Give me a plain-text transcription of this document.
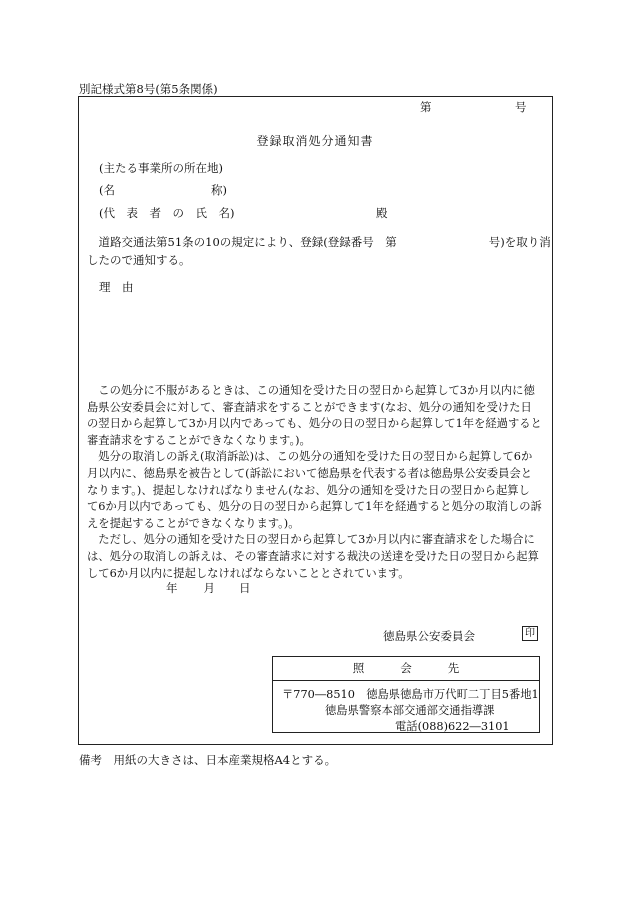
別記様式第8号(第5条関係)
第	号
登録取消処分通知書
(主たる事業所の所在地)
(名	称)
(代　表　者　の　氏　名)	殿
　道路交通法第51条の10の規定により、登録(登録番号　第　　　　　　　　号)を取り消
したので通知する。
理　由
　この処分に不服があるときは、この通知を受けた日の翌日から起算して3か月以内に徳
島県公安委員会に対して、審査請求をすることができます(なお、処分の通知を受けた日
の翌日から起算して3か月以内であっても、処分の日の翌日から起算して1年を経過すると
審査請求をすることができなくなります。)。
　処分の取消しの訴え(取消訴訟)は、この処分の通知を受けた日の翌日から起算して6か
月以内に、徳島県を被告として(訴訟において徳島県を代表する者は徳島県公安委員会と
なります。)、提起しなければなりません(なお、処分の通知を受けた日の翌日から起算し
て6か月以内であっても、処分の日の翌日から起算して1年を経過すると処分の取消しの訴
えを提起することができなくなります。)。
　ただし、処分の通知を受けた日の翌日から起算して3か月以内に審査請求をした場合に
は、処分の取消しの訴えは、その審査請求に対する裁決の送達を受けた日の翌日から起算
して6か月以内に提起しなければならないこととされています。
年 月 日
徳島県公安委員会	印
照	会	先
〒770―8510　徳島県徳島市万代町二丁目5番地1
徳島県警察本部交通部交通指導課
電話(088)622―3101
備考　用紙の大きさは、日本産業規格A4とする。
